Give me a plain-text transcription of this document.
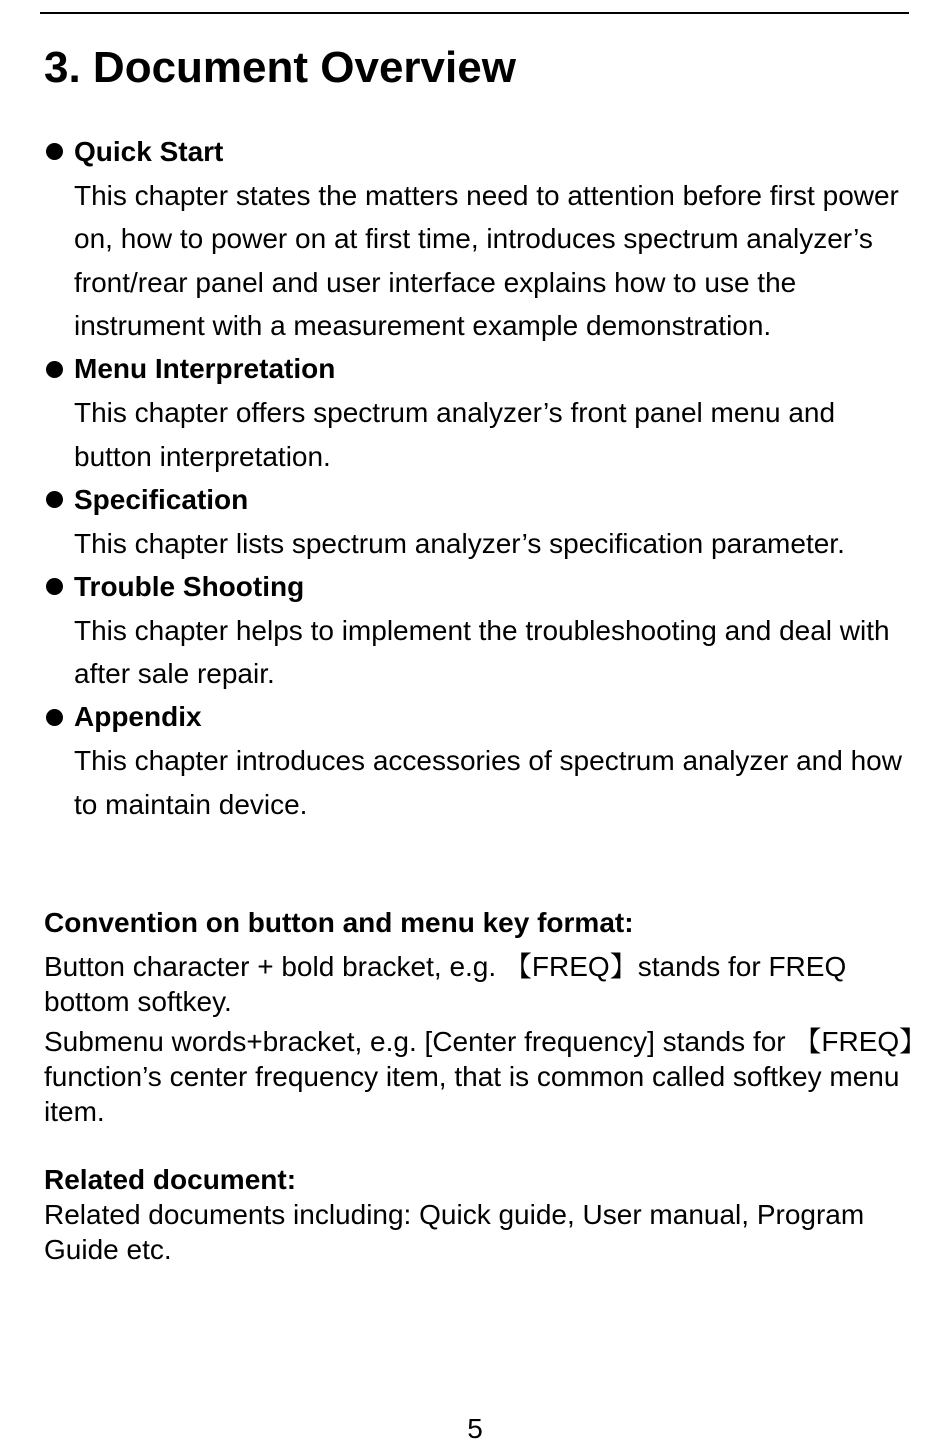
3. Document Overview
Quick Start

This chapter states the matters need to attention before first power on, how to power on at first time, introduces spectrum analyzer’s front/rear panel and user interface explains how to use the instrument with a measurement example demonstration.

Menu Interpretation

This chapter offers spectrum analyzer’s front panel menu and button interpretation.

Specification

This chapter lists spectrum analyzer’s specification parameter.

Trouble Shooting

This chapter helps to implement the troubleshooting and deal with after sale repair.

Appendix

This chapter introduces accessories of spectrum analyzer and how to maintain device.

Convention on button and menu key format:

Button character + bold bracket, e.g. 【FREQ】stands for FREQ bottom softkey.

Submenu words+bracket, e.g. [Center frequency] stands for 【FREQ】function’s center frequency item, that is common called softkey menu item.

Related document:

Related documents including: Quick guide, User manual, Program Guide etc.

5
